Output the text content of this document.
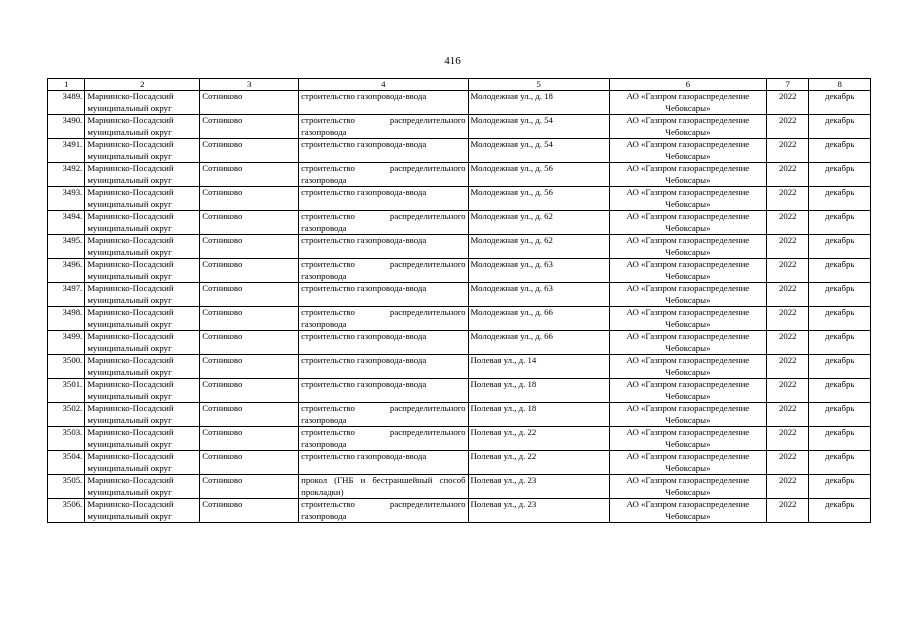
416
1	2	3	4	5	6	7	8
3489.	Мариинско-Посадский муниципальный округ	Сотниково	строительство газопровода-ввода	Молодежная ул., д. 18	АО «Газпром газораспределение Чебоксары»	2022	декабрь
3490.	Мариинско-Посадский муниципальный округ	Сотниково	строительство распределительного газопровода	Молодежная ул., д. 54	АО «Газпром газораспределение Чебоксары»	2022	декабрь
3491.	Мариинско-Посадский муниципальный округ	Сотниково	строительство газопровода-ввода	Молодежная ул., д. 54	АО «Газпром газораспределение Чебоксары»	2022	декабрь
3492.	Мариинско-Посадский муниципальный округ	Сотниково	строительство распределительного газопровода	Молодежная ул., д. 56	АО «Газпром газораспределение Чебоксары»	2022	декабрь
3493.	Мариинско-Посадский муниципальный округ	Сотниково	строительство газопровода-ввода	Молодежная ул., д. 56	АО «Газпром газораспределение Чебоксары»	2022	декабрь
3494.	Мариинско-Посадский муниципальный округ	Сотниково	строительство распределительного газопровода	Молодежная ул., д. 62	АО «Газпром газораспределение Чебоксары»	2022	декабрь
3495.	Мариинско-Посадский муниципальный округ	Сотниково	строительство газопровода-ввода	Молодежная ул., д. 62	АО «Газпром газораспределение Чебоксары»	2022	декабрь
3496.	Мариинско-Посадский муниципальный округ	Сотниково	строительство распределительного газопровода	Молодежная ул., д. 63	АО «Газпром газораспределение Чебоксары»	2022	декабрь
3497.	Мариинско-Посадский муниципальный округ	Сотниково	строительство газопровода-ввода	Молодежная ул., д. 63	АО «Газпром газораспределение Чебоксары»	2022	декабрь
3498.	Мариинско-Посадский муниципальный округ	Сотниково	строительство распределительного газопровода	Молодежная ул., д. 66	АО «Газпром газораспределение Чебоксары»	2022	декабрь
3499.	Мариинско-Посадский муниципальный округ	Сотниково	строительство газопровода-ввода	Молодежная ул., д. 66	АО «Газпром газораспределение Чебоксары»	2022	декабрь
3500.	Мариинско-Посадский муниципальный округ	Сотниково	строительство газопровода-ввода	Полевая ул., д. 14	АО «Газпром газораспределение Чебоксары»	2022	декабрь
3501.	Мариинско-Посадский муниципальный округ	Сотниково	строительство газопровода-ввода	Полевая ул., д. 18	АО «Газпром газораспределение Чебоксары»	2022	декабрь
3502.	Мариинско-Посадский муниципальный округ	Сотниково	строительство распределительного газопровода	Полевая ул., д. 18	АО «Газпром газораспределение Чебоксары»	2022	декабрь
3503.	Мариинско-Посадский муниципальный округ	Сотниково	строительство распределительного газопровода	Полевая ул., д. 22	АО «Газпром газораспределение Чебоксары»	2022	декабрь
3504.	Мариинско-Посадский муниципальный округ	Сотниково	строительство газопровода-ввода	Полевая ул., д. 22	АО «Газпром газораспределение Чебоксары»	2022	декабрь
3505.	Мариинско-Посадский муниципальный округ	Сотниково	прокол (ГНБ и бестраншейный способ прокладки)	Полевая ул., д. 23	АО «Газпром газораспределение Чебоксары»	2022	декабрь
3506.	Мариинско-Посадский муниципальный округ	Сотниково	строительство распределительного газопровода	Полевая ул., д. 23	АО «Газпром газораспределение Чебоксары»	2022	декабрь
